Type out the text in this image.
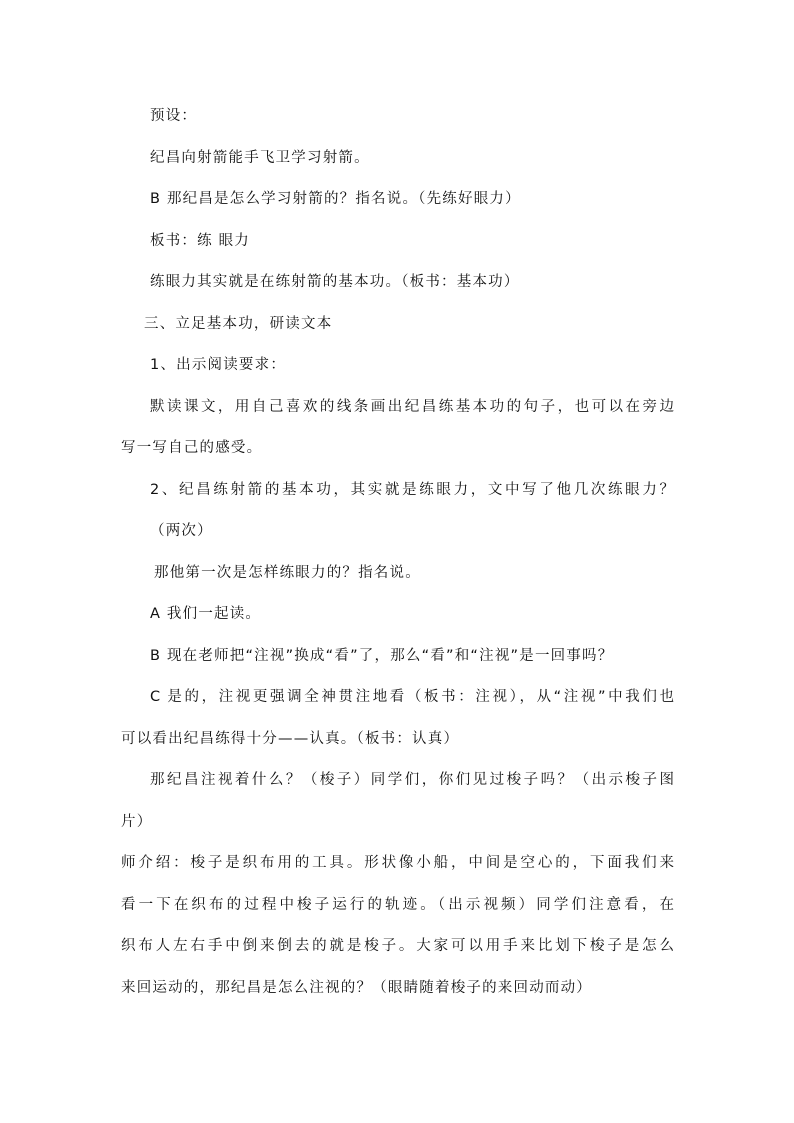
预设：
纪昌向射箭能手飞卫学习射箭。
B 那纪昌是怎么学习射箭的？指名说。（先练好眼力）
板书：练 眼力
练眼力其实就是在练射箭的基本功。（板书：基本功）
三、立足基本功，研读文本
1、出示阅读要求：
默读课文，用自己喜欢的线条画出纪昌练基本功的句子，也可以在旁边
写一写自己的感受。
2、纪昌练射箭的基本功，其实就是练眼力，文中写了他几次练眼力？
（两次）
那他第一次是怎样练眼力的？指名说。
A 我们一起读。
B 现在老师把“注视”换成“看”了，那么“看”和“注视”是一回事吗？
C 是的，注视更强调全神贯注地看（板书：注视），从“注视”中我们也
可以看出纪昌练得十分——认真。（板书：认真）
那纪昌注视着什么？（梭子）同学们，你们见过梭子吗？（出示梭子图
片）
师介绍：梭子是织布用的工具。形状像小船，中间是空心的，下面我们来
看一下在织布的过程中梭子运行的轨迹。（出示视频）同学们注意看，在
织布人左右手中倒来倒去的就是梭子。大家可以用手来比划下梭子是怎么
来回运动的，那纪昌是怎么注视的？（眼睛随着梭子的来回动而动）
